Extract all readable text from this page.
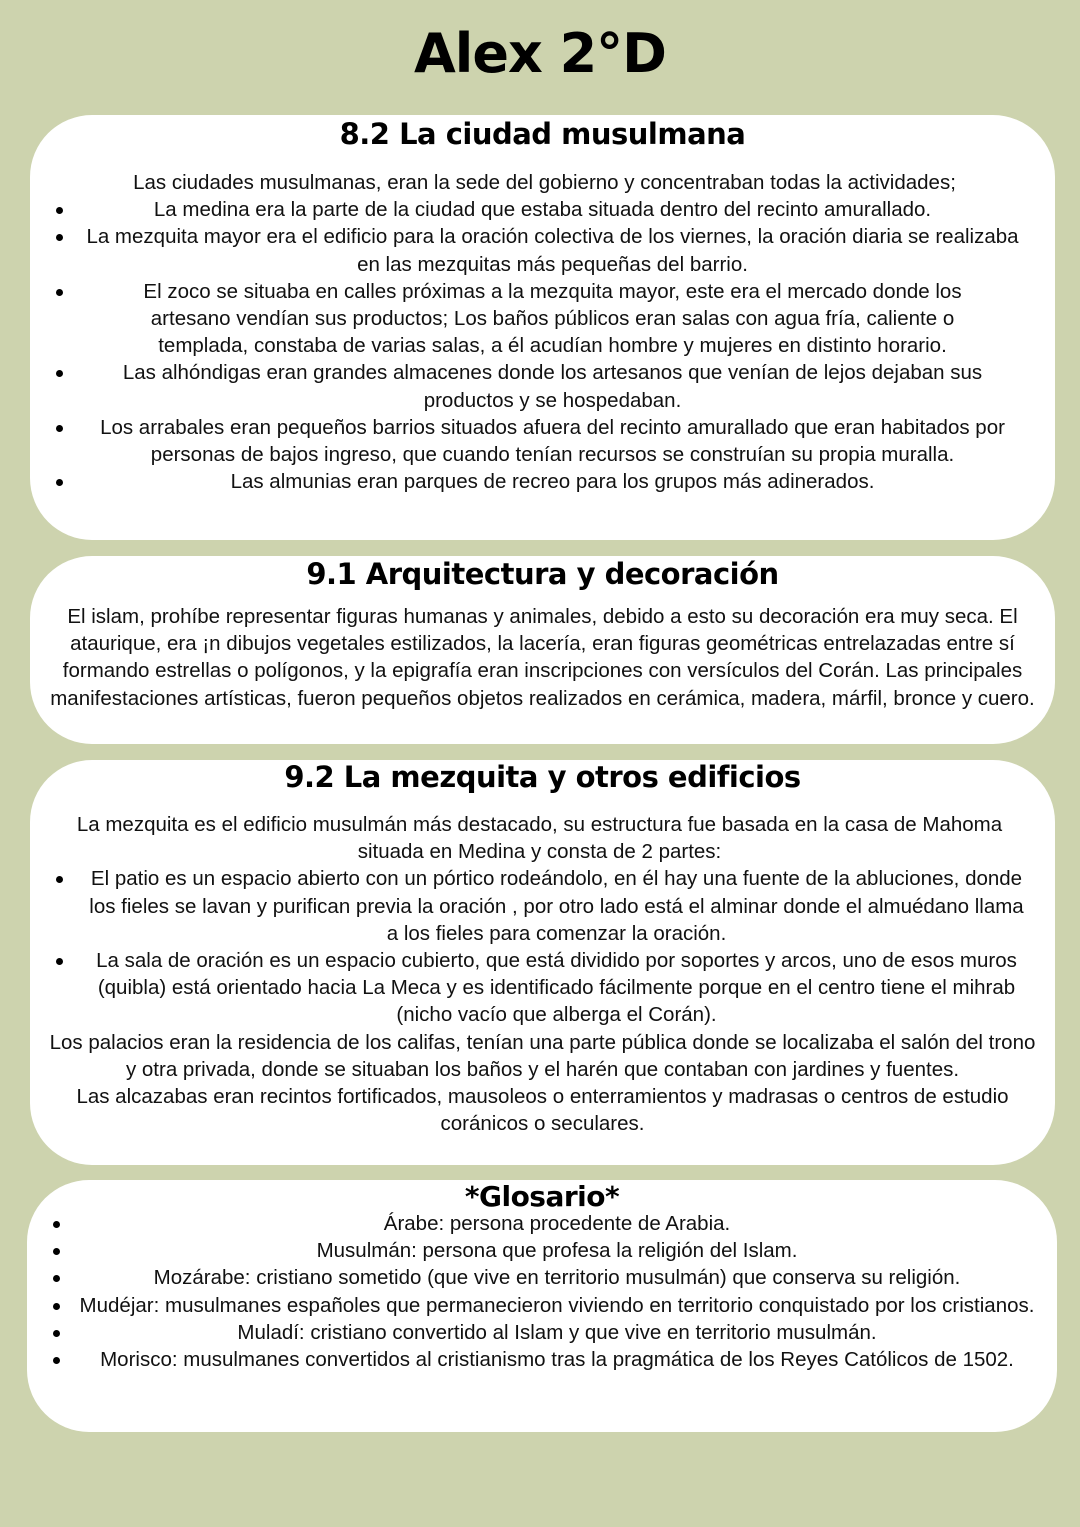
Alex 2°D
8.2 La ciudad musulmana

Las ciudades musulmanas, eran la sede del gobierno y concentraban todas la actividades;

La medina era la parte de la ciudad que estaba situada dentro del recinto amurallado.
La mezquita mayor era el edificio para la oración colectiva de los viernes, la oración diaria se realizaba en las mezquitas más pequeñas del barrio.
El zoco se situaba en calles próximas a la mezquita mayor, este era el mercado donde los artesano vendían sus productos; Los baños públicos eran salas con agua fría, caliente o templada, constaba de varias salas, a él acudían hombre y mujeres en distinto horario.
Las alhóndigas eran grandes almacenes donde los artesanos que venían de lejos dejaban sus productos y se hospedaban.
Los arrabales eran pequeños barrios situados afuera del recinto amurallado que eran habitados por personas de bajos ingreso, que cuando tenían recursos se construían su propia muralla.
Las almunias eran parques de recreo para los grupos más adinerados.
9.1 Arquitectura y decoración

El islam, prohíbe representar figuras humanas y animales, debido a esto su decoración era muy seca. El ataurique, era ¡n dibujos vegetales estilizados, la lacería, eran figuras geométricas entrelazadas entre sí formando estrellas o polígonos, y la epigrafía eran inscripciones con versículos del Corán. Las principales manifestaciones artísticas, fueron pequeños objetos realizados en cerámica, madera, márfil, bronce y cuero.

9.2 La mezquita y otros edificios

La mezquita es el edificio musulmán más destacado, su estructura fue basada en la casa de Mahoma situada en Medina y consta de 2 partes:

El patio es un espacio abierto con un pórtico rodeándolo, en él hay una fuente de la abluciones, donde los fieles se lavan y purifican previa la oración , por otro lado está el alminar donde el almuédano llama a los fieles para comenzar la oración.
La sala de oración es un espacio cubierto, que está dividido por soportes y arcos, uno de esos muros (quibla) está orientado hacia La Meca y es identificado fácilmente porque en el centro tiene el mihrab (nicho vacío que alberga el Corán).

Los palacios eran la residencia de los califas, tenían una parte pública donde se localizaba el salón del trono y otra privada, donde se situaban los baños y el harén que contaban con jardines y fuentes.

Las alcazabas eran recintos fortificados, mausoleos o enterramientos y madrasas o centros de estudio coránicos o seculares.

*Glosario*
Árabe: persona procedente de Arabia.
Musulmán: persona que profesa la religión del Islam.
Mozárabe: cristiano sometido (que vive en territorio musulmán) que conserva su religión.
Mudéjar: musulmanes españoles que permanecieron viviendo en territorio conquistado por los cristianos.
Muladí: cristiano convertido al Islam y que vive en territorio musulmán.
Morisco: musulmanes convertidos al cristianismo tras la pragmática de los Reyes Católicos de 1502.
